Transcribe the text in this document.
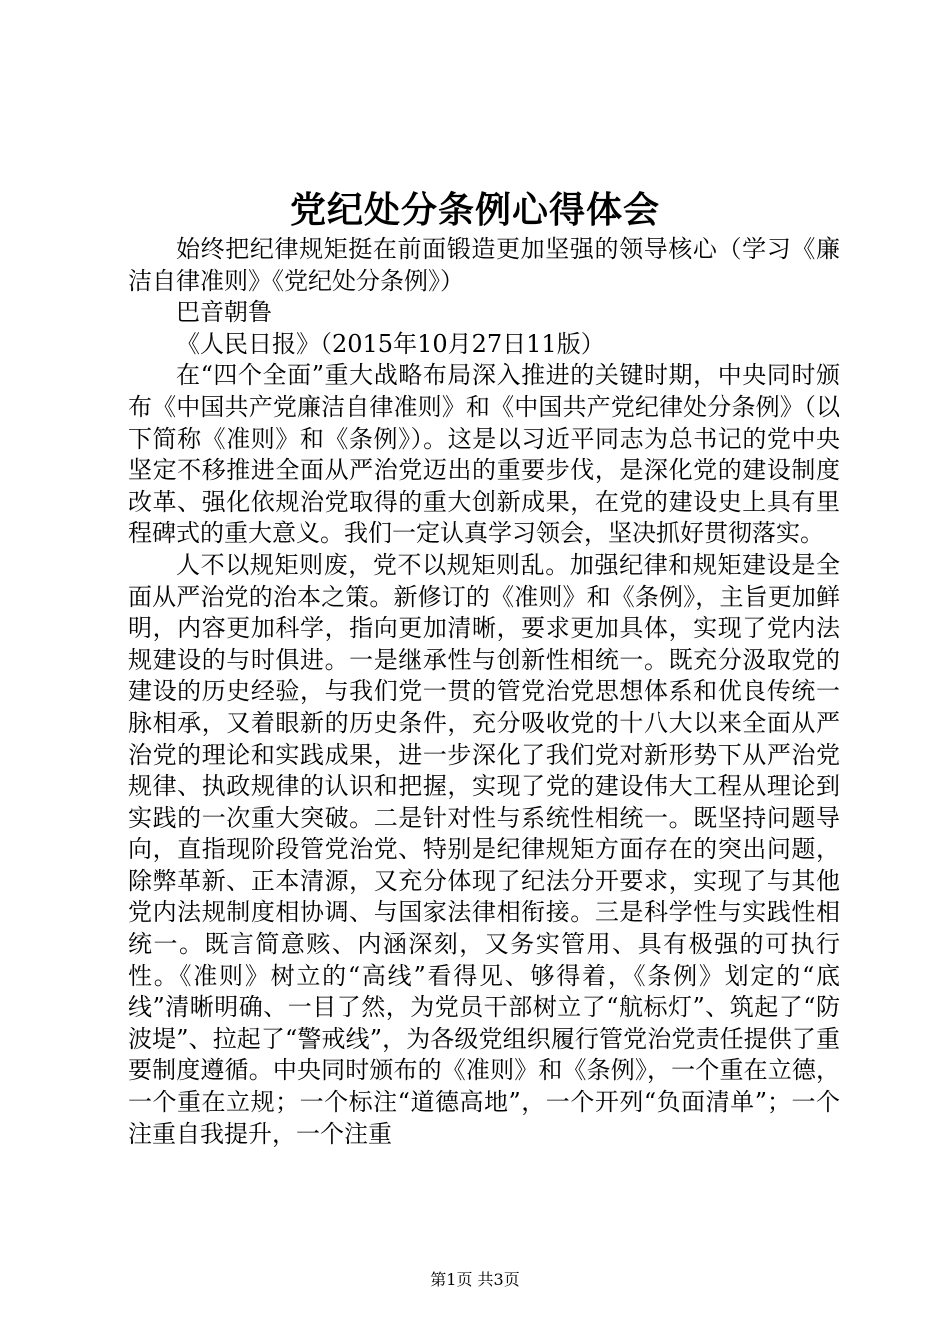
党纪处分条例心得体会

始终把纪律规矩挺在前面锻造更加坚强的领导核心（学习《廉洁自律准则》《党纪处分条例》）

巴音朝鲁

《人民日报》（2015年10月27日11版）

在“四个全面”重大战略布局深入推进的关键时期，中央同时颁布《中国共产党廉洁自律准则》和《中国共产党纪律处分条例》（以下简称《准则》和《条例》）。这是以习近平同志为总书记的党中央坚定不移推进全面从严治党迈出的重要步伐，是深化党的建设制度改革、强化依规治党取得的重大创新成果，在党的建设史上具有里程碑式的重大意义。我们一定认真学习领会，坚决抓好贯彻落实。

人不以规矩则废，党不以规矩则乱。加强纪律和规矩建设是全面从严治党的治本之策。新修订的《准则》和《条例》，主旨更加鲜明，内容更加科学，指向更加清晰，要求更加具体，实现了党内法规建设的与时俱进。一是继承性与创新性相统一。既充分汲取党的建设的历史经验，与我们党一贯的管党治党思想体系和优良传统一脉相承，又着眼新的历史条件，充分吸收党的十八大以来全面从严治党的理论和实践成果，进一步深化了我们党对新形势下从严治党规律、执政规律的认识和把握，实现了党的建设伟大工程从理论到实践的一次重大突破。二是针对性与系统性相统一。既坚持问题导向，直指现阶段管党治党、特别是纪律规矩方面存在的突出问题，除弊革新、正本清源，又充分体现了纪法分开要求，实现了与其他党内法规制度相协调、与国家法律相衔接。三是科学性与实践性相统一。既言简意赅、内涵深刻，又务实管用、具有极强的可执行性。《准则》树立的“高线”看得见、够得着，《条例》划定的“底线”清晰明确、一目了然，为党员干部树立了“航标灯”、筑起了“防波堤”、拉起了“警戒线”，为各级党组织履行管党治党责任提供了重要制度遵循。中央同时颁布的《准则》和《条例》，一个重在立德，一个重在立规；一个标注“道德高地”，一个开列“负面清单”；一个注重自我提升，一个注重

第1页 共3页
